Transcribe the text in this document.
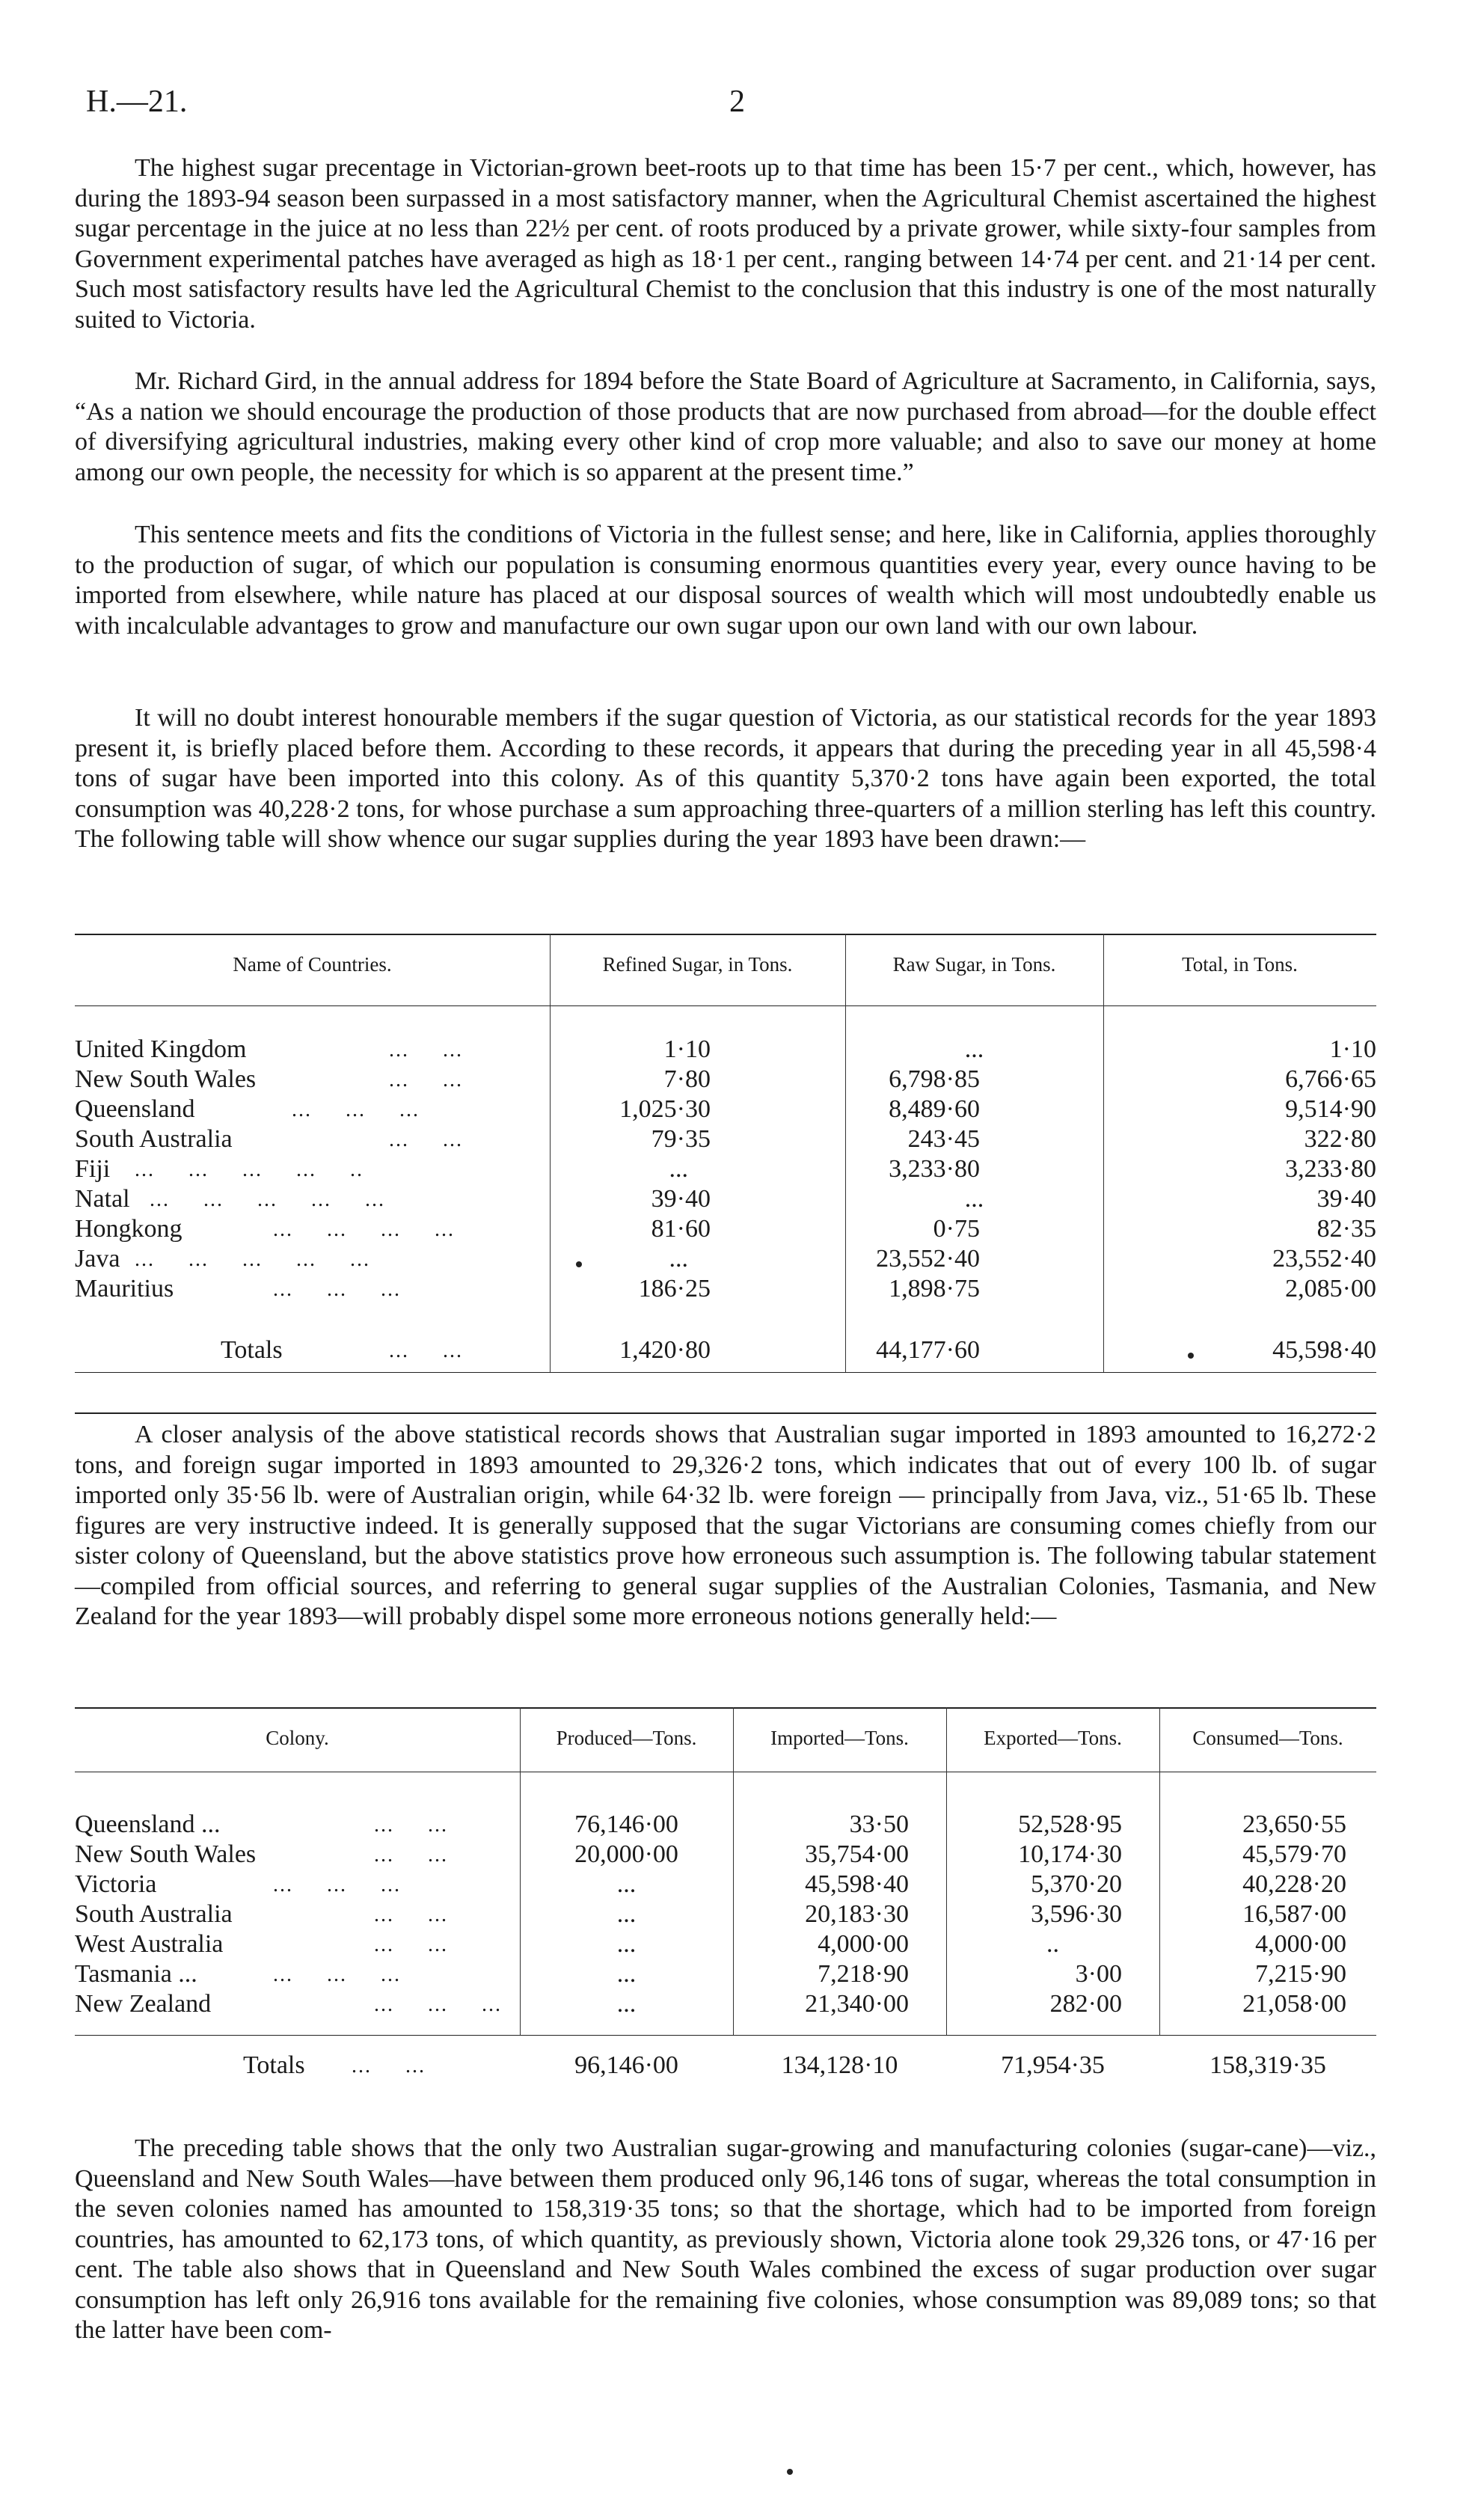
H.—21.	2

The highest sugar precentage in Victorian-grown beet-roots up to that time has been 15·7 per cent., which, however, has during the 1893-94 season been surpassed in a most satisfactory manner, when the Agricultural Chemist ascertained the highest sugar percentage in the juice at no less than 22½ per cent. of roots produced by a private grower, while sixty-four samples from Government experimental patches have averaged as high as 18·1 per cent., ranging between 14·74 per cent. and 21·14 per cent. Such most satisfactory results have led the Agricultural Chemist to the conclusion that this industry is one of the most naturally suited to Victoria.

Mr. Richard Gird, in the annual address for 1894 before the State Board of Agriculture at Sacramento, in California, says, “As a nation we should encourage the production of those products that are now purchased from abroad—for the double effect of diversifying agricultural industries, making every other kind of crop more valuable; and also to save our money at home among our own people, the necessity for which is so apparent at the present time.”

This sentence meets and fits the conditions of Victoria in the fullest sense; and here, like in California, applies thoroughly to the production of sugar, of which our population is consuming enormous quantities every year, every ounce having to be imported from elsewhere, while nature has placed at our disposal sources of wealth which will most undoubtedly enable us with incalculable advantages to grow and manufacture our own sugar upon our own land with our own labour.

It will no doubt interest honourable members if the sugar question of Victoria, as our statistical records for the year 1893 present it, is briefly placed before them. According to these records, it appears that during the preceding year in all 45,598·4 tons of sugar have been imported into this colony. As of this quantity 5,370·2 tons have again been exported, the total consumption was 40,228·2 tons, for whose purchase a sum approaching three-quarters of a million sterling has left this country. The following table will show whence our sugar supplies during the year 1893 have been drawn:—

Name of Countries.	Refined Sugar, in Tons.	Raw Sugar, in Tons.	Total, in Tons.
United Kingdom	...     ...	1·10	...	1·10
New South Wales	...     ...	7·80	6,798·85	6,766·65
Queensland	...     ...     ...	1,025·30	8,489·60	9,514·90
South Australia	...     ...	79·35	243·45	322·80
Fiji ...     ...     ...     ...     ..	...	3,233·80	3,233·80
Natal ...     ...     ...     ...     ...	39·40	...	39·40
Hongkong	...     ...     ...     ...	81·60	0·75	82·35
Java ...     ...     ...     ...     ...	...	23,552·40	23,552·40
Mauritius	...     ...     ...	186·25	1,898·75	2,085·00
Totals	...     ...	1,420·80	44,177·60	45,598·40

A closer analysis of the above statistical records shows that Australian sugar imported in 1893 amounted to 16,272·2 tons, and foreign sugar imported in 1893 amounted to 29,326·2 tons, which indicates that out of every 100 lb. of sugar imported only 35·56 lb. were of Australian origin, while 64·32 lb. were foreign — principally from Java, viz., 51·65 lb. These figures are very instructive indeed. It is generally supposed that the sugar Victorians are consuming comes chiefly from our sister colony of Queensland, but the above statistics prove how erroneous such assumption is. The following tabular statement—compiled from official sources, and referring to general sugar supplies of the Australian Colonies, Tasmania, and New Zealand for the year 1893—will probably dispel some more erroneous notions generally held:—

Colony.	Produced—Tons.	Imported—Tons.	Exported—Tons.	Consumed—Tons.
Queensland ...	...     ...	76,146·00	33·50	52,528·95	23,650·55
New South Wales	...     ...	20,000·00	35,754·00	10,174·30	45,579·70
Victoria	...     ...     ...	...	45,598·40	5,370·20	40,228·20
South Australia	...     ...	...	20,183·30	3,596·30	16,587·00
West Australia	...     ...	...	4,000·00	..	4,000·00
Tasmania ...	...     ...     ...	...	7,218·90	3·00	7,215·90
New Zealand	...     ...     ...	...	21,340·00	282·00	21,058·00
Totals ...     ...	96,146·00	134,128·10	71,954·35	158,319·35

The preceding table shows that the only two Australian sugar-growing and manufacturing colonies (sugar-cane)—viz., Queensland and New South Wales—have between them produced only 96,146 tons of sugar, whereas the total consumption in the seven colonies named has amounted to 158,319·35 tons; so that the shortage, which had to be imported from foreign countries, has amounted to 62,173 tons, of which quantity, as previously shown, Victoria alone took 29,326 tons, or 47·16 per cent. The table also shows that in Queensland and New South Wales combined the excess of sugar production over sugar consumption has left only 26,916 tons available for the remaining five colonies, whose consumption was 89,089 tons; so that the latter have been com-
